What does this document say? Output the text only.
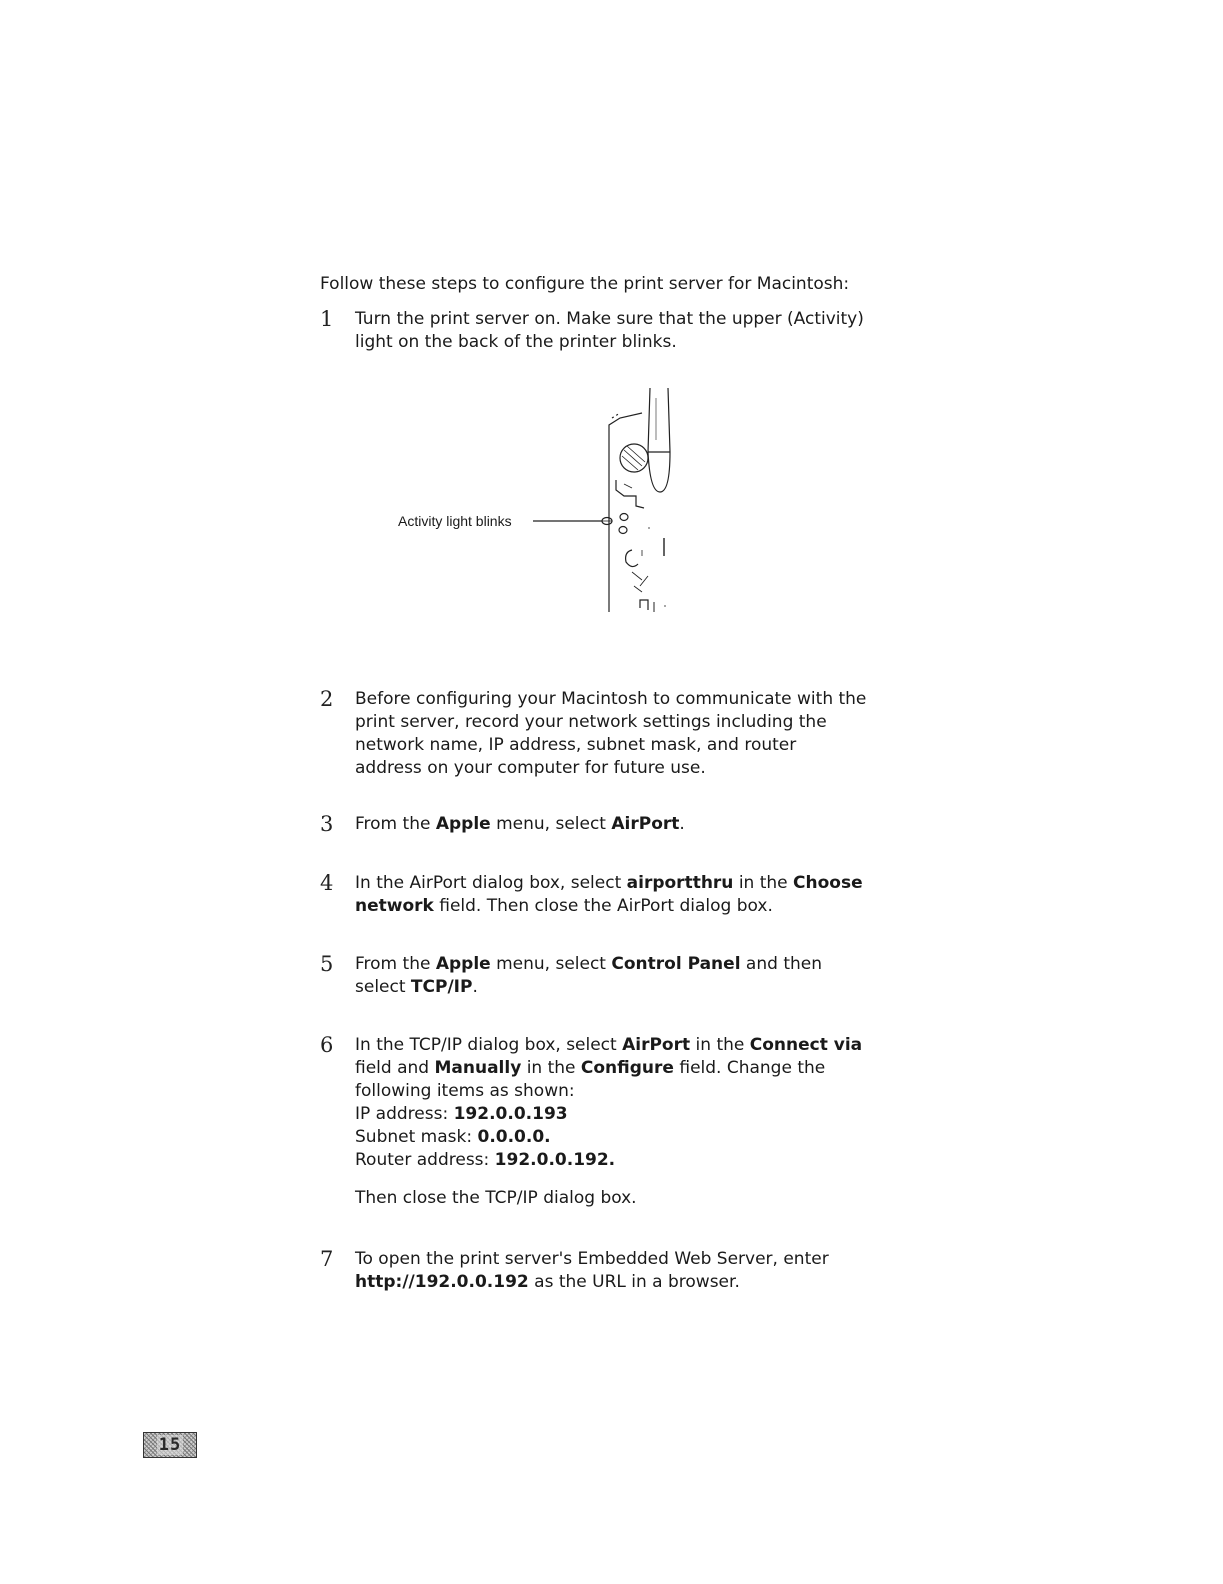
Follow these steps to configure the print server for Macintosh:

1	Turn the print server on. Make sure that the upper (Activity)

light on the back of the printer blinks.

Activity light blinks
2	Before configuring your Macintosh to communicate with the

print server, record your network settings including the

network name, IP address, subnet mask, and router

address on your computer for future use.

3	From the Apple menu, select AirPort.

4	In the AirPort dialog box, select airportthru in the Choose

network field. Then close the AirPort dialog box.

5	From the Apple menu, select Control Panel and then

select TCP/IP.

6	In the TCP/IP dialog box, select AirPort in the Connect via

field and Manually in the Configure field. Change the

following items as shown:

IP address: 192.0.0.193

Subnet mask: 0.0.0.0.

Router address: 192.0.0.192.

Then close the TCP/IP dialog box.

7	To open the print server's Embedded Web Server, enter

http://192.0.0.192 as the URL in a browser.

15
